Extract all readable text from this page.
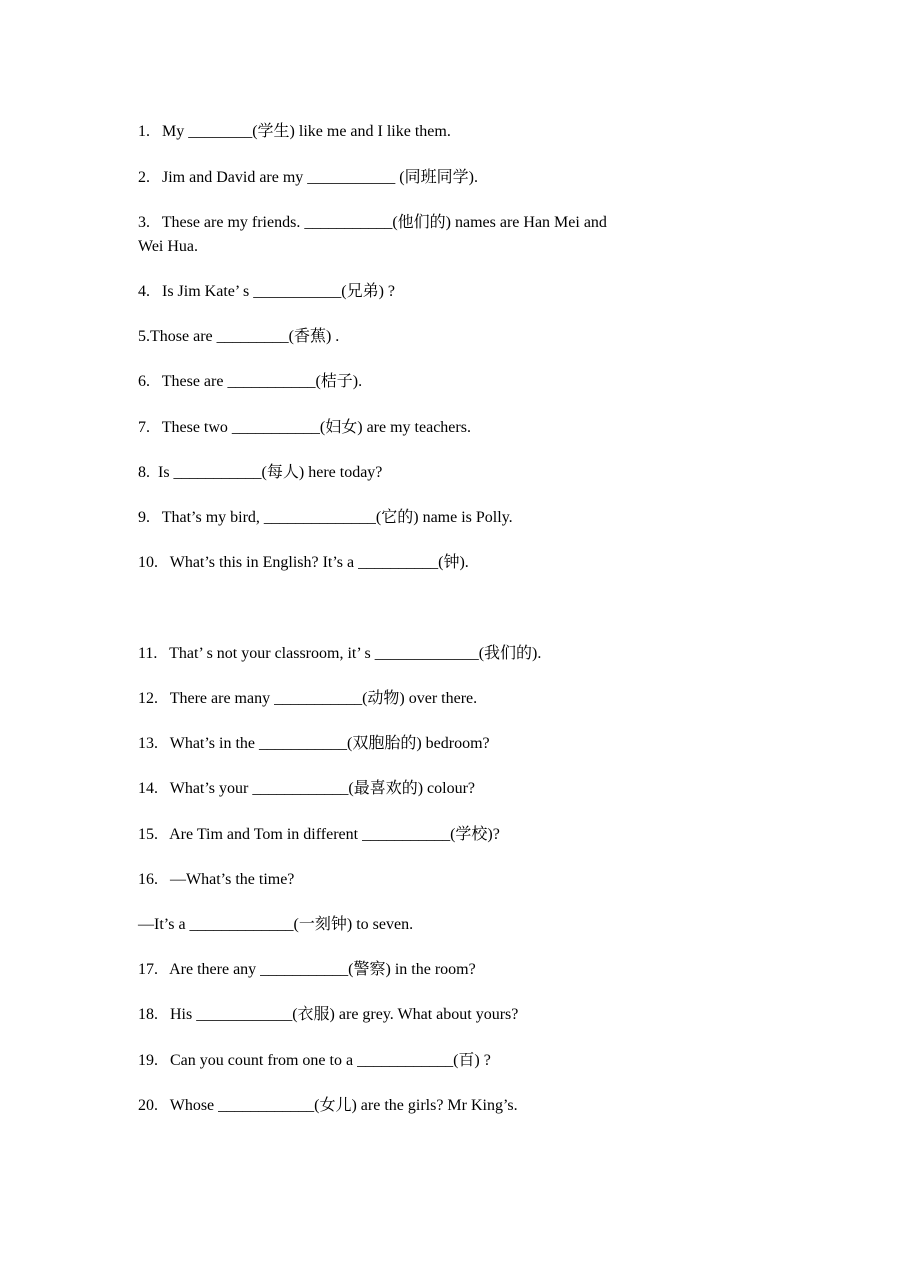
1.   My ________(学生) like me and I like them.
2.   Jim and David are my ___________ (同班同学).
3.   These are my friends. ___________(他们的) names are Han Mei and
Wei Hua.
4.   Is Jim Kate’ s ___________(兄弟) ?
5.Those are _________(香蕉) .
6.   These are ___________(桔子).
7.   These two ___________(妇女) are my teachers.
8.  Is ___________(每人) here today?
9.   That’s my bird, ______________(它的) name is Polly.
10.   What’s this in English? It’s a __________(钟).
11.   That’ s not your classroom, it’ s _____________(我们的).
12.   There are many ___________(动物) over there.
13.   What’s in the ___________(双胞胎的) bedroom?
14.   What’s your ____________(最喜欢的) colour?
15.   Are Tim and Tom in different ___________(学校)?
16.   —What’s the time?
—It’s a _____________(一刻钟) to seven.
17.   Are there any ___________(警察) in the room?
18.   His ____________(衣服) are grey. What about yours?
19.   Can you count from one to a ____________(百) ?
20.   Whose ____________(女儿) are the girls? Mr King’s.
